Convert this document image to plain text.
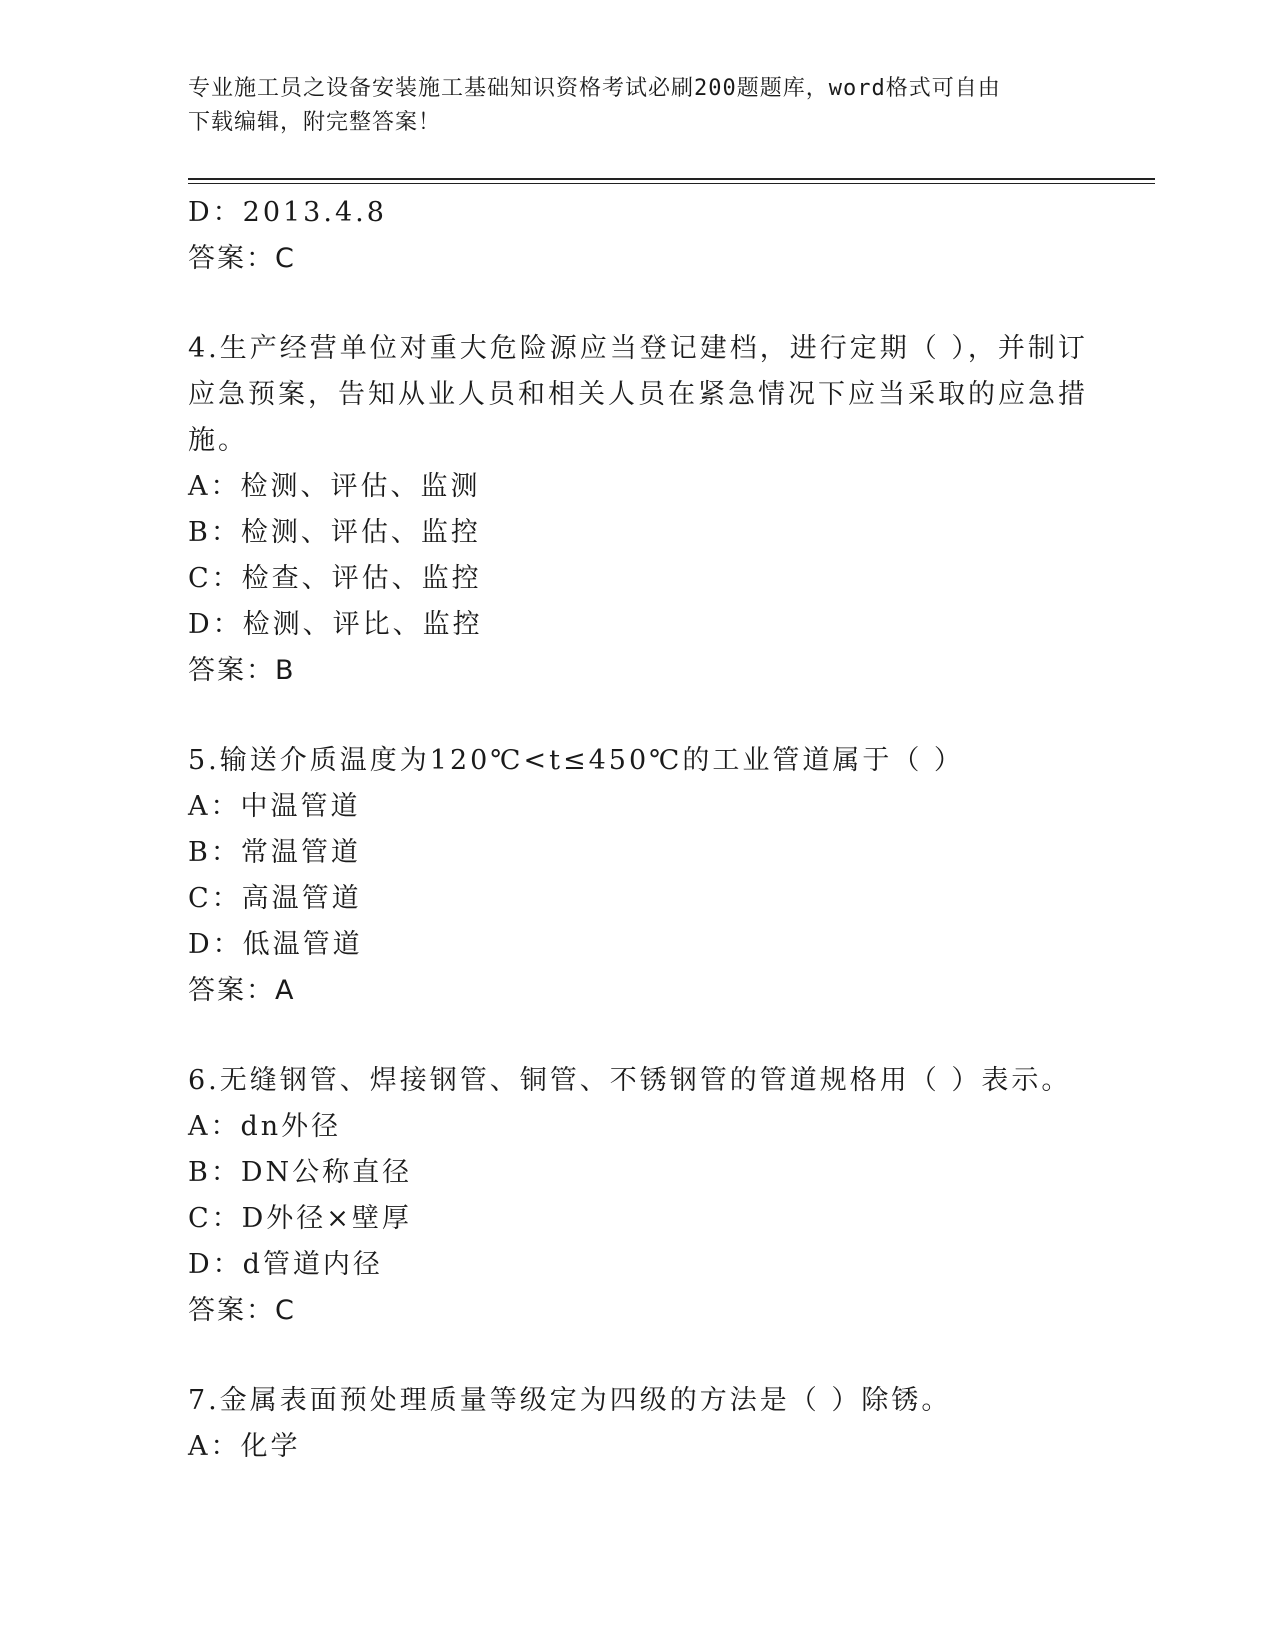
专业施工员之设备安装施工基础知识资格考试必刷200题题库，word格式可自由
下载编辑，附完整答案！
D：2013.4.8
答案：C
4.生产经营单位对重大危险源应当登记建档，进行定期（ ），并制订
应急预案，告知从业人员和相关人员在紧急情况下应当采取的应急措
施。
A：检测、评估、监测
B：检测、评估、监控
C：检查、评估、监控
D：检测、评比、监控
答案：B
5.输送介质温度为120℃<t≤450℃的工业管道属于（ ）
A：中温管道
B：常温管道
C：高温管道
D：低温管道
答案：A
6.无缝钢管、焊接钢管、铜管、不锈钢管的管道规格用（ ）表示。
A：dn外径
B：DN公称直径
C：D外径×壁厚
D：d管道内径
答案：C
7.金属表面预处理质量等级定为四级的方法是（ ）除锈。
A：化学
